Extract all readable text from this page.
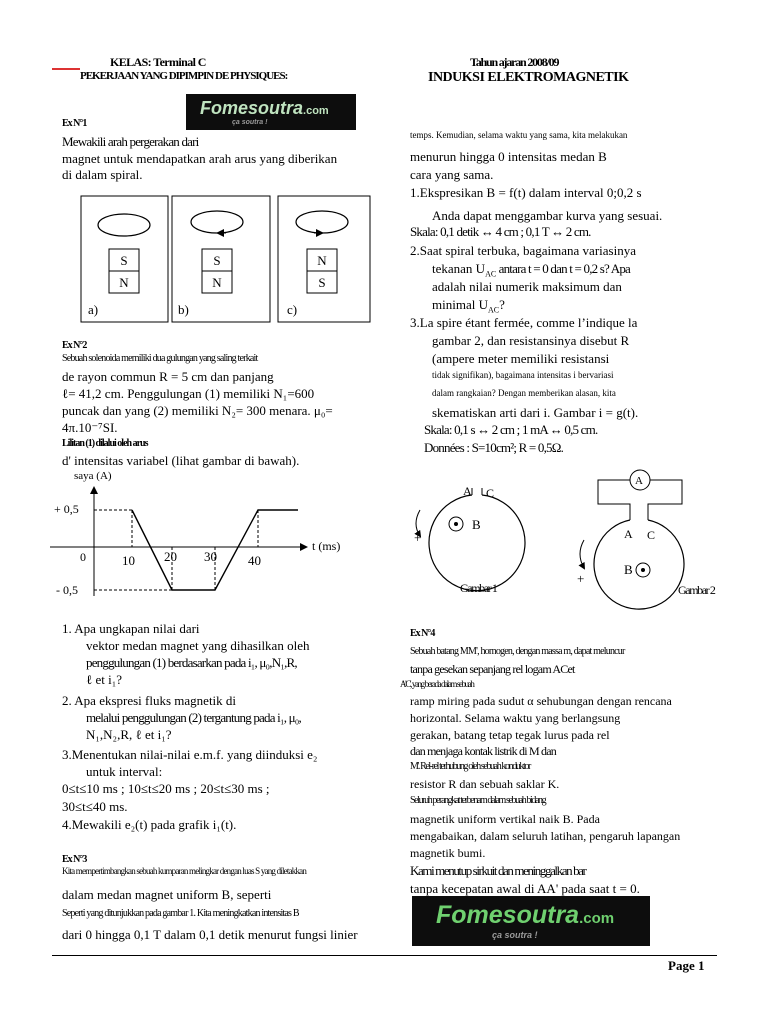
KELAS: Terminal C
PEKERJAAN YANG DIPIMPIN DE PHYSIQUES:
Tahun ajaran 2008/09
INDUKSI ELEKTROMAGNETIK
Fomesoutra.com
ça soutra !
Ex N°1
Mewakili arah pergerakan dari
magnet untuk mendapatkan arah arus yang diberikan
di dalam spiral.
S
N
a)
S
N
b)
N
S
c)
Ex N°2
Sebuah solenoida memiliki dua gulungan yang saling terkait
de rayon commun R = 5 cm dan panjang
ℓ= 41,2 cm. Penggulungan (1) memiliki N₁=600
puncak dan yang (2) memiliki N₂= 300 menara. μ₀=
4π.10⁻⁷SI.
Lilitan (1) dilalui oleh arus
d' intensitas variabel (lihat gambar di bawah).
saya (A)
t (ms)
+ 0,5
- 0,5
0	10 20 30 40
1. Apa ungkapan nilai dari
vektor medan magnet yang dihasilkan oleh
penggulungan (1) berdasarkan pada i₁, μ₀,N₁,R,
ℓ et i₁?
2. Apa ekspresi fluks magnetik di
melalui penggulungan (2) tergantung pada i₁, μ₀,
N₁,N₂,R, ℓ et i₁?
3.Menentukan nilai-nilai e.m.f. yang diinduksi e₂
untuk interval:
0≤t≤10 ms ; 10≤t≤20 ms ; 20≤t≤30 ms ;
30≤t≤40 ms.
4.Mewakili e₂(t) pada grafik i₁(t).
Ex N°3
Kita mempertimbangkan sebuah kumparan melingkar dengan luas S yang diletakkan
dalam medan magnet uniform B, seperti
Seperti yang ditunjukkan pada gambar 1. Kita meningkatkan intensitas B
dari 0 hingga 0,1 T dalam 0,1 detik menurut fungsi linier
temps. Kemudian, selama waktu yang sama, kita melakukan
menurun hingga 0 intensitas medan B
cara yang sama.
1.Ekspresikan B = f(t) dalam interval 0;0,2 s
Anda dapat menggambar kurva yang sesuai.
Skala: 0,1 detik ↔ 4 cm ; 0,1 T ↔ 2 cm.
2.Saat spiral terbuka, bagaimana variasinya
tekanan $U_{AC}$ antara t = 0 dan t = 0,2 s? Apa
adalah nilai numerik maksimum dan
minimal $U_{AC}$?
3.La spire étant fermée, comme l’indique la
gambar 2, dan resistansinya disebut R
(ampere meter memiliki resistansi
tidak signifikan), bagaimana intensitas i bervariasi
dalam rangkaian? Dengan memberikan alasan, kita
skematiskan arti dari i. Gambar i = g(t).
Skala: 0,1 s ↔ 2 cm ; 1 mA ↔ 0,5 cm.
Données : S=10cm²; R = 0,5Ω.
A C
B
+
Gambar 1
A
A C
B
+
Gambar 2
Ex N°4
Sebuah batang MM', homogen, dengan massa m, dapat meluncur
tanpa gesekan sepanjang rel logam ACet
A'C', yang berada dalam sebuah
ramp miring pada sudut α sehubungan dengan rencana
horizontal. Selama waktu yang berlangsung
gerakan, batang tetap tegak lurus pada rel
dan menjaga kontak listrik di M dan
M'. Rel-rel terhubung oleh sebuah konduktor
resistor R dan sebuah saklar K.
Seluruh perangkat terbenam dalam sebuah bidang
magnetik uniform vertikal naik B. Pada
mengabaikan, dalam seluruh latihan, pengaruh lapangan
magnetik bumi.
Kami menutup sirkuit dan meninggalkan bar
tanpa kecepatan awal di AA' pada saat t = 0.
Fomesoutra.com
ça soutra !
Page 1
